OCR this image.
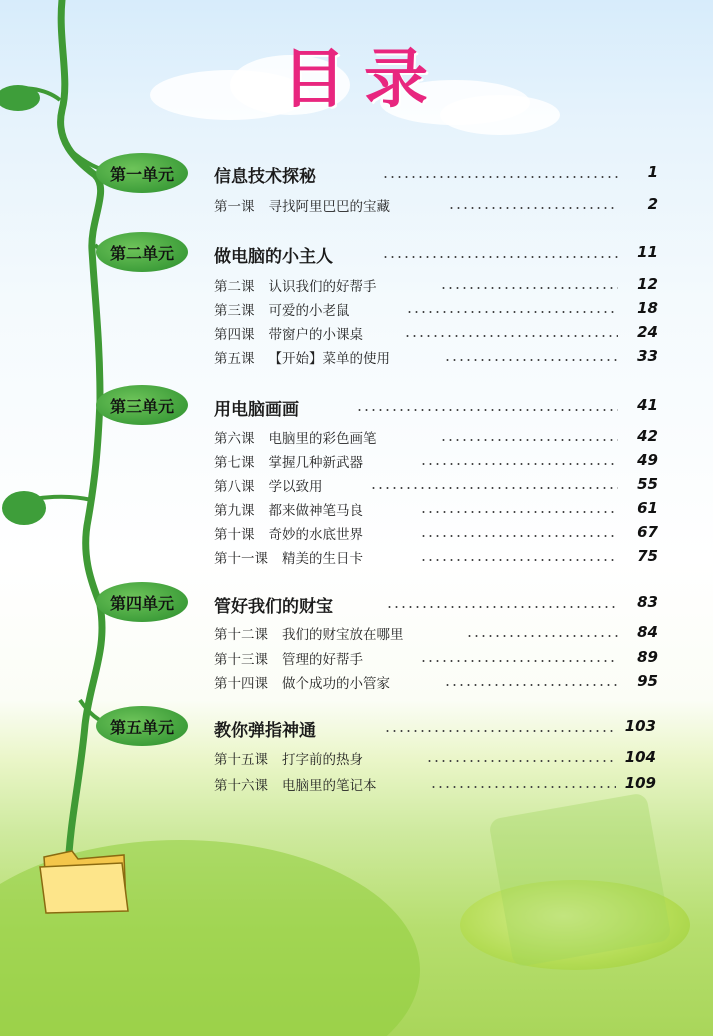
目录
第一单元	信息技术探秘	1
第一课 寻找阿里巴巴的宝藏	2
第二单元	做电脑的小主人	11
第二课 认识我们的好帮手	12
第三课 可爱的小老鼠	18
第四课 带窗户的小课桌	24
第五课 【开始】菜单的使用	33
第三单元	用电脑画画	41
第六课 电脑里的彩色画笔	42
第七课 掌握几种新武器	49
第八课 学以致用	55
第九课 都来做神笔马良	61
第十课 奇妙的水底世界	67
第十一课 精美的生日卡	75
第四单元	管好我们的财宝	83
第十二课 我们的财宝放在哪里	84
第十三课 管理的好帮手	89
第十四课 做个成功的小管家	95
第五单元	教你弹指神通	103
第十五课 打字前的热身	104
第十六课 电脑里的笔记本	109
